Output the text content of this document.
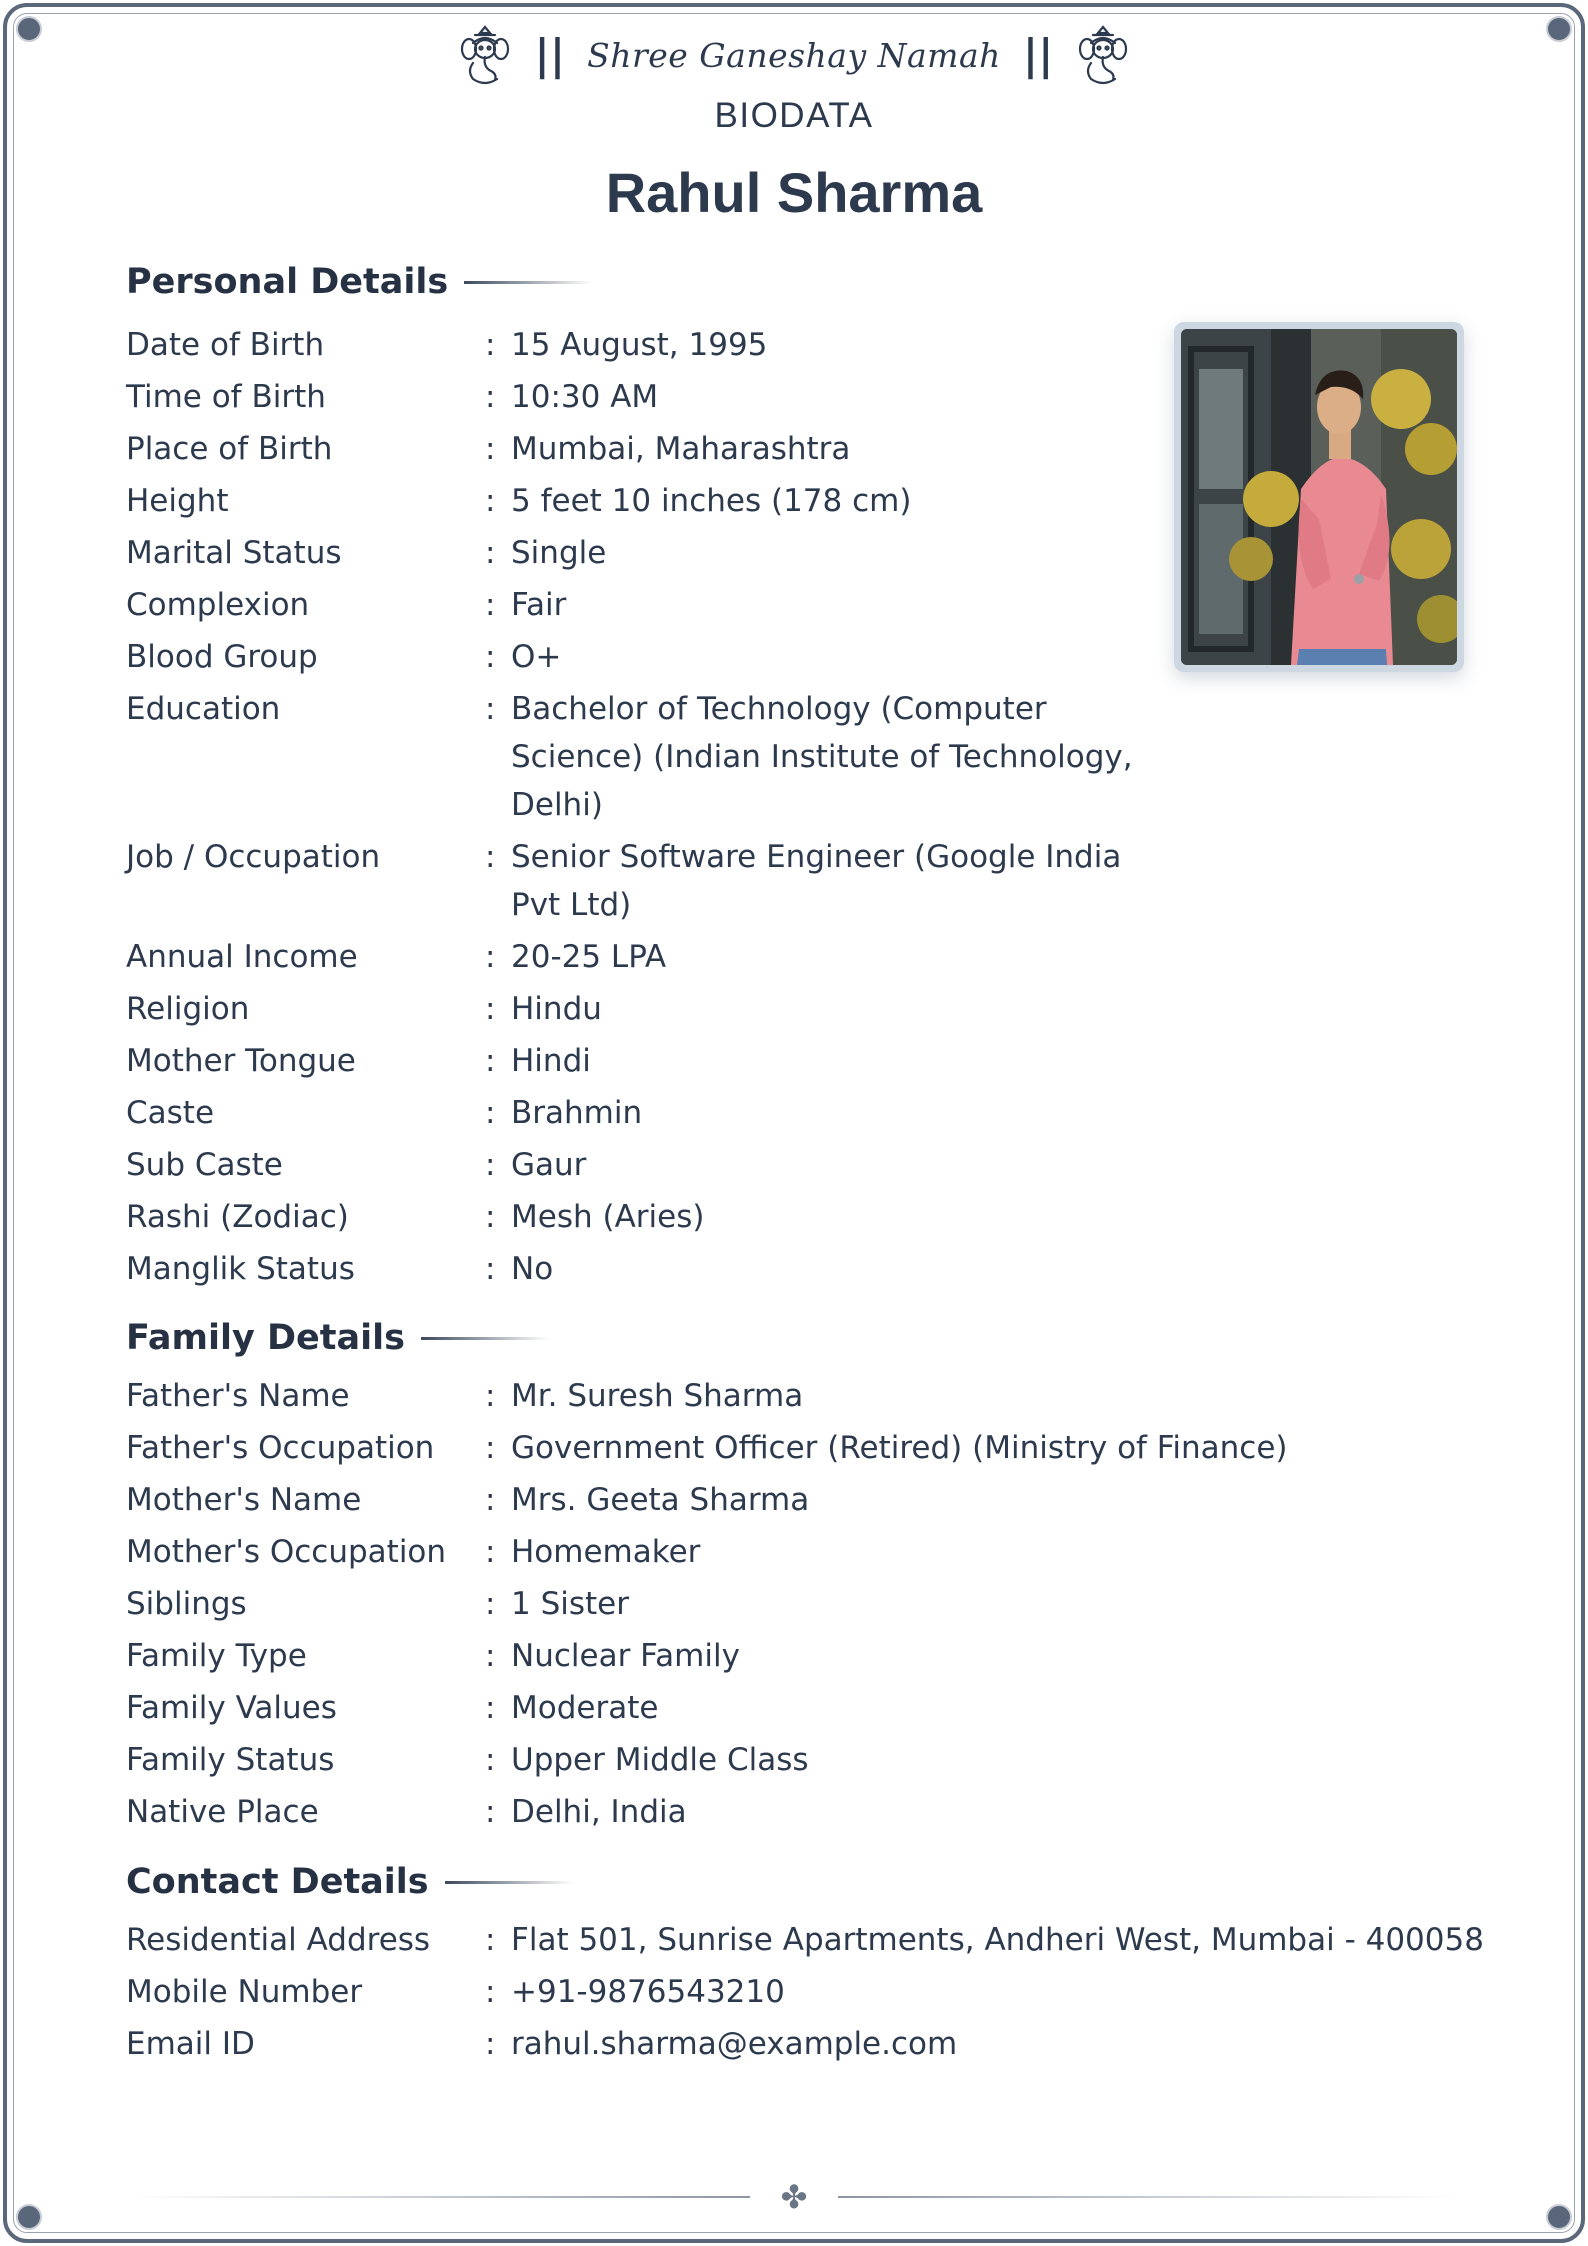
|| Shree Ganeshay Namah ||
BIODATA
Rahul Sharma
Personal Details
Date of Birth	: 15 August, 1995
Time of Birth	: 10:30 AM
Place of Birth	: Mumbai, Maharashtra
Height	: 5 feet 10 inches (178 cm)
Marital Status	: Single
Complexion	: Fair
Blood Group	: O+
Education	: Bachelor of Technology (Computer Science) (Indian Institute of Technology, Delhi)
Job / Occupation	: Senior Software Engineer (Google India Pvt Ltd)
Annual Income	: 20-25 LPA
Religion	: Hindu
Mother Tongue	: Hindi
Caste	: Brahmin
Sub Caste	: Gaur
Rashi (Zodiac)	: Mesh (Aries)
Manglik Status	: No
Family Details
Father's Name	: Mr. Suresh Sharma
Father's Occupation : Government Officer (Retired) (Ministry of Finance)
Mother's Name	: Mrs. Geeta Sharma
Mother's Occupation : Homemaker
Siblings	: 1 Sister
Family Type	: Nuclear Family
Family Values	: Moderate
Family Status	: Upper Middle Class
Native Place	: Delhi, India
Contact Details
Residential Address : Flat 501, Sunrise Apartments, Andheri West, Mumbai - 400058
Mobile Number	: +91-9876543210
Email ID	: rahul.sharma@example.com
✤
